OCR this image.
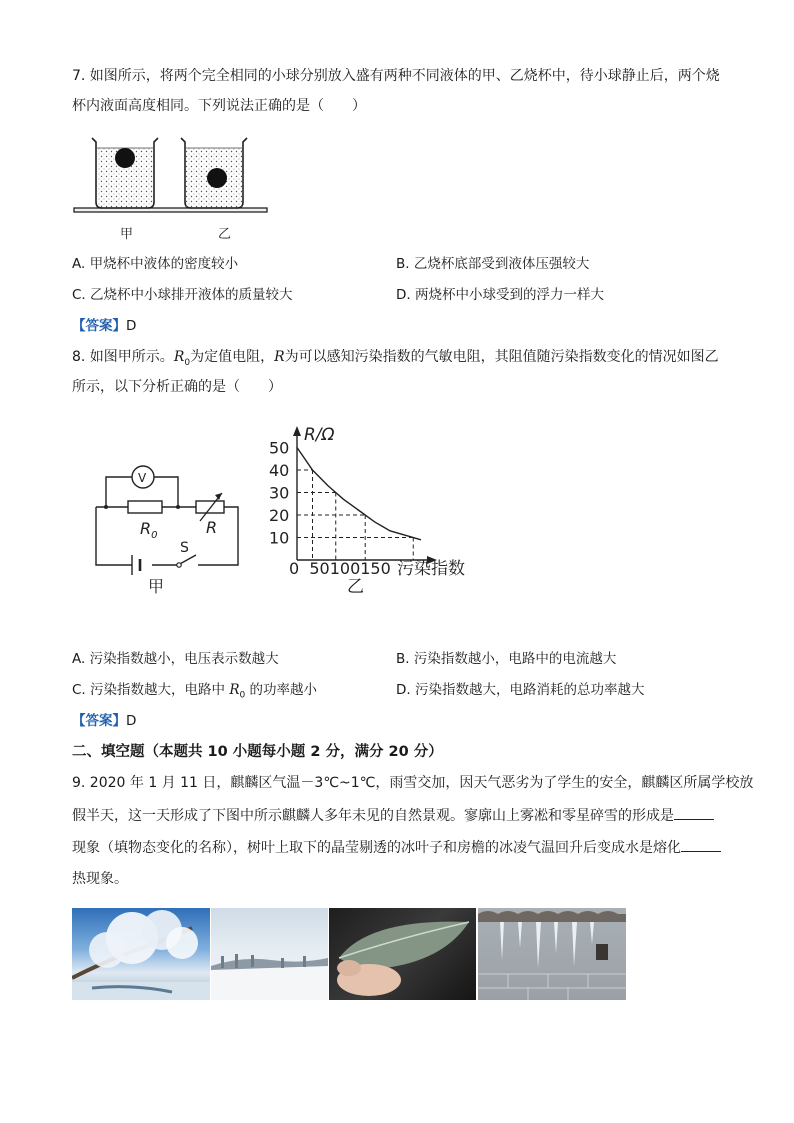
7. 如图所示，将两个完全相同的小球分别放入盛有两种不同液体的甲、乙烧杯中，待小球静止后，两个烧
杯内液面高度相同。下列说法正确的是（　　）
甲	乙
A. 甲烧杯中液体的密度较小	B. 乙烧杯底部受到液体压强较大
C. 乙烧杯中小球排开液体的质量较大	D. 两烧杯中小球受到的浮力一样大
【答案】D
8. 如图甲所示。$R_0$为定值电阻，R为可以感知污染指数的气敏电阻，其阻值随污染指数变化的情况如图乙
所示，以下分析正确的是（　　）
V
$R_0$	R
S
甲
R/Ω
10
20
30
40
50
0  50100150 污染指数
乙
A. 污染指数越小，电压表示数越大	B. 污染指数越小，电路中的电流越大
C. 污染指数越大，电路中 $R_0$ 的功率越小	D. 污染指数越大，电路消耗的总功率越大
【答案】D
二、填空题（本题共 10 小题每小题 2 分，满分 20 分）
9. 2020 年 1 月 11 日，麒麟区气温－3℃~1℃，雨雪交加，因天气恶劣为了学生的安全，麒麟区所属学校放
假半天，这一天形成了下图中所示麒麟人多年未见的自然景观。寥廓山上雾凇和零星碎雪的形成是
现象（填物态变化的名称），树叶上取下的晶莹剔透的冰叶子和房檐的冰凌气温回升后变成水是熔化
热现象。
